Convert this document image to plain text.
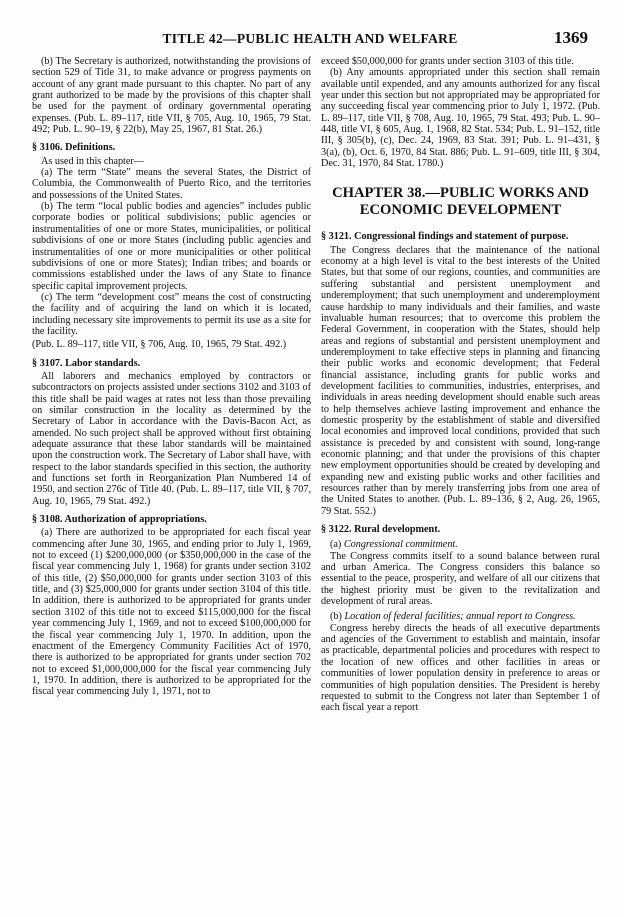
TITLE 42—PUBLIC HEALTH AND WELFARE	1369

(b) The Secretary is authorized, notwithstanding the provisions of section 529 of Title 31, to make advance or progress payments on account of any grant made pursuant to this chapter. No part of any grant authorized to be made by the provisions of this chapter shall be used for the payment of ordinary governmental operating expenses. (Pub. L. 89–117, title VII, § 705, Aug. 10, 1965, 79 Stat. 492; Pub. L. 90–19, § 22(b), May 25, 1967, 81 Stat. 26.)

§ 3106. Definitions.

As used in this chapter—

(a) The term “State” means the several States, the District of Columbia, the Commonwealth of Puerto Rico, and the territories and possessions of the United States.

(b) The term “local public bodies and agencies” includes public corporate bodies or political subdivisions; public agencies or instrumentalities of one or more States, municipalities, or political subdivisions of one or more States (including public agencies and instrumentalities of one or more municipalities or other political subdivisions of one or more States); Indian tribes; and boards or commissions established under the laws of any State to finance specific capital improvement projects.

(c) The term “development cost” means the cost of constructing the facility and of acquiring the land on which it is located, including necessary site improvements to permit its use as a site for the facility.

(Pub. L. 89–117, title VII, § 706, Aug. 10, 1965, 79 Stat. 492.)

§ 3107. Labor standards.

All laborers and mechanics employed by contractors or subcontractors on projects assisted under sections 3102 and 3103 of this title shall be paid wages at rates not less than those prevailing on similar construction in the locality as determined by the Secretary of Labor in accordance with the Davis-Bacon Act, as amended. No such project shall be approved without first obtaining adequate assurance that these labor standards will be maintained upon the construction work. The Secretary of Labor shall have, with respect to the labor standards specified in this section, the authority and functions set forth in Reorganization Plan Numbered 14 of 1950, and section 276c of Title 40. (Pub. L. 89–117, title VII, § 707, Aug. 10, 1965, 79 Stat. 492.)

§ 3108. Authorization of appropriations.

(a) There are authorized to be appropriated for each fiscal year commencing after June 30, 1965, and ending prior to July 1, 1969, not to exceed (1) $200,000,000 (or $350,000,000 in the case of the fiscal year commencing July 1, 1968) for grants under section 3102 of this title, (2) $50,000,000 for grants under section 3103 of this title, and (3) $25,000,000 for grants under section 3104 of this title. In addition, there is authorized to be appropriated for grants under section 3102 of this title not to exceed $115,000,000 for the fiscal year commencing July 1, 1969, and not to exceed $100,000,000 for the fiscal year commencing July 1, 1970. In addition, upon the enactment of the Emergency Community Facilities Act of 1970, there is authorized to be appropriated for grants under section 702 not to exceed $1,000,000,000 for the fiscal year commencing July 1, 1970. In addition, there is authorized to be appropriated for the fiscal year commencing July 1, 1971, not to

exceed $50,000,000 for grants under section 3103 of this title.

(b) Any amounts appropriated under this section shall remain available until expended, and any amounts authorized for any fiscal year under this section but not appropriated may be appropriated for any succeeding fiscal year commencing prior to July 1, 1972. (Pub. L. 89–117, title VII, § 708, Aug. 10, 1965, 79 Stat. 493; Pub. L. 90–448, title VI, § 605, Aug. 1, 1968, 82 Stat. 534; Pub. L. 91–152, title III, § 305(b), (c), Dec. 24, 1969, 83 Stat. 391; Pub. L. 91–431, § 3(a), (b), Oct. 6, 1970, 84 Stat. 886; Pub. L. 91–609, title III, § 304, Dec. 31, 1970, 84 Stat. 1780.)

CHAPTER 38.—PUBLIC WORKS AND ECONOMIC DEVELOPMENT
§ 3121. Congressional findings and statement of purpose.

The Congress declares that the maintenance of the national economy at a high level is vital to the best interests of the United States, but that some of our regions, counties, and communities are suffering substantial and persistent unemployment and underemployment; that such unemployment and underemployment cause hardship to many individuals and their families, and waste invaluable human resources; that to overcome this problem the Federal Government, in cooperation with the States, should help areas and regions of substantial and persistent unemployment and underemployment to take effective steps in planning and financing their public works and economic development; that Federal financial assistance, including grants for public works and development facilities to communities, industries, enterprises, and individuals in areas needing development should enable such areas to help themselves achieve lasting improvement and enhance the domestic prosperity by the establishment of stable and diversified local economies and improved local conditions, provided that such assistance is preceded by and consistent with sound, long-range economic planning; and that under the provisions of this chapter new employment opportunities should be created by developing and expanding new and existing public works and other facilities and resources rather than by merely transferring jobs from one area of the United States to another. (Pub. L. 89–136, § 2, Aug. 26, 1965, 79 Stat. 552.)

§ 3122. Rural development.

(a) Congressional commitment.

The Congress commits itself to a sound balance between rural and urban America. The Congress considers this balance so essential to the peace, prosperity, and welfare of all our citizens that the highest priority must be given to the revitalization and development of rural areas.

(b) Location of federal facilities; annual report to Congress.

Congress hereby directs the heads of all executive departments and agencies of the Government to establish and maintain, insofar as practicable, departmental policies and procedures with respect to the location of new offices and other facilities in areas or communities of lower population density in preference to areas or communities of high population densities. The President is hereby requested to submit to the Congress not later than September 1 of each fiscal year a report
